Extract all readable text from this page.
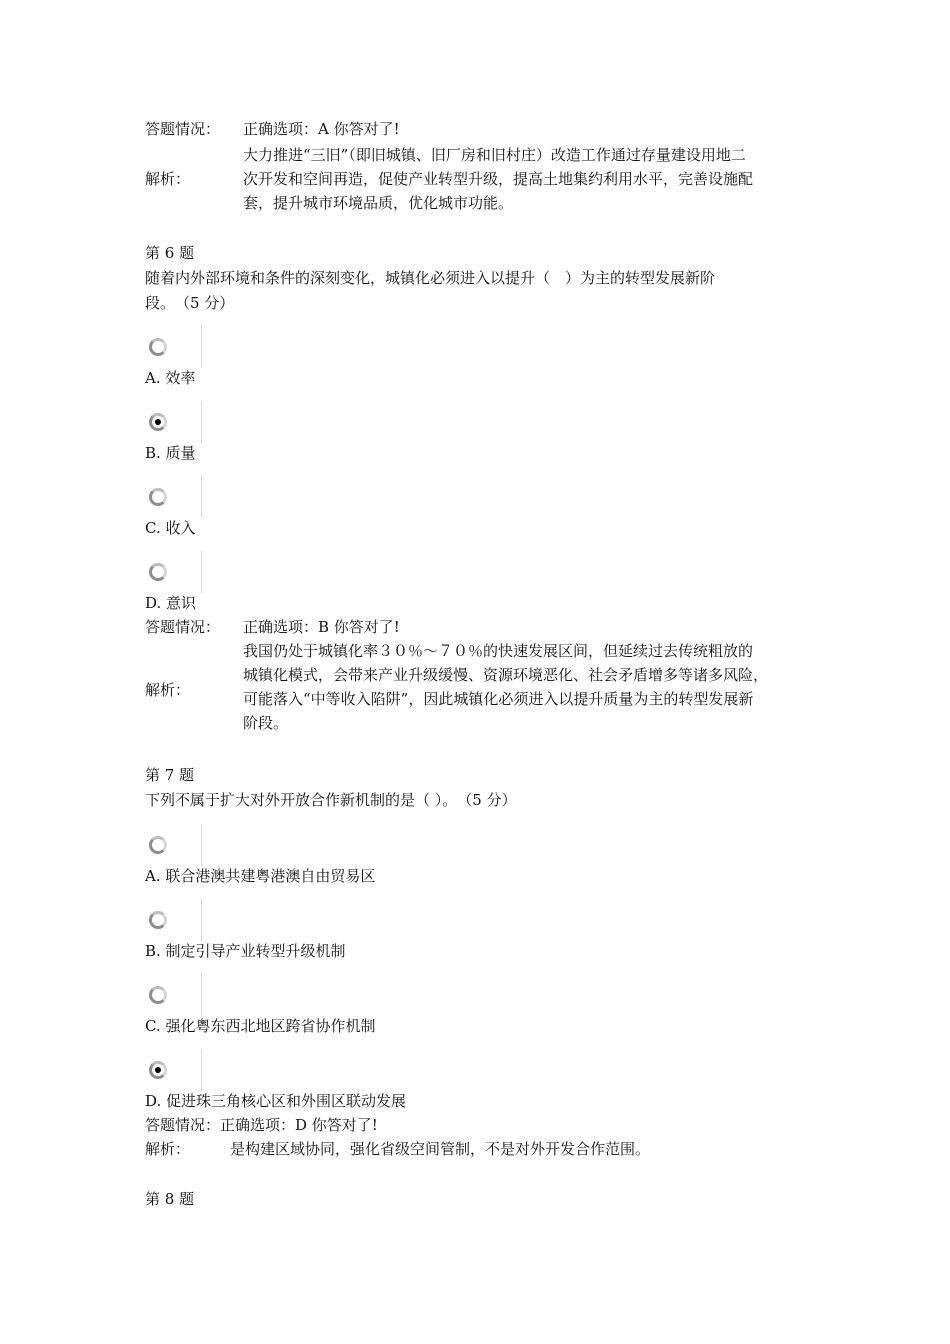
答题情况： 正确选项：A 你答对了!
解析：
大力推进“三旧”（即旧城镇、旧厂房和旧村庄）改造工作通过存量建设用地二
次开发和空间再造，促使产业转型升级，提高土地集约利用水平，完善设施配
套，提升城市环境品质，优化城市功能。
第 6 题
随着内外部环境和条件的深刻变化，城镇化必须进入以提升（　）为主的转型发展新阶
段。　（5 分）
A. 效率
B. 质量
C. 收入
D. 意识
答题情况： 正确选项：B 你答对了!
解析：
我国仍处于城镇化率３０％～７０％的快速发展区间，但延续过去传统粗放的
城镇化模式，会带来产业升级缓慢、资源环境恶化、社会矛盾增多等诸多风险，
可能落入“中等收入陷阱”，因此城镇化必须进入以提升质量为主的转型发展新
阶段。
第 7 题
下列不属于扩大对外开放合作新机制的是（ ）。　（5 分）
A. 联合港澳共建粤港澳自由贸易区
B. 制定引导产业转型升级机制
C. 强化粤东西北地区跨省协作机制
D. 促进珠三角核心区和外围区联动发展
答题情况： 正确选项：D 你答对了!
解析：	是构建区域协同，强化省级空间管制，不是对外开发合作范围。
第 8 题
